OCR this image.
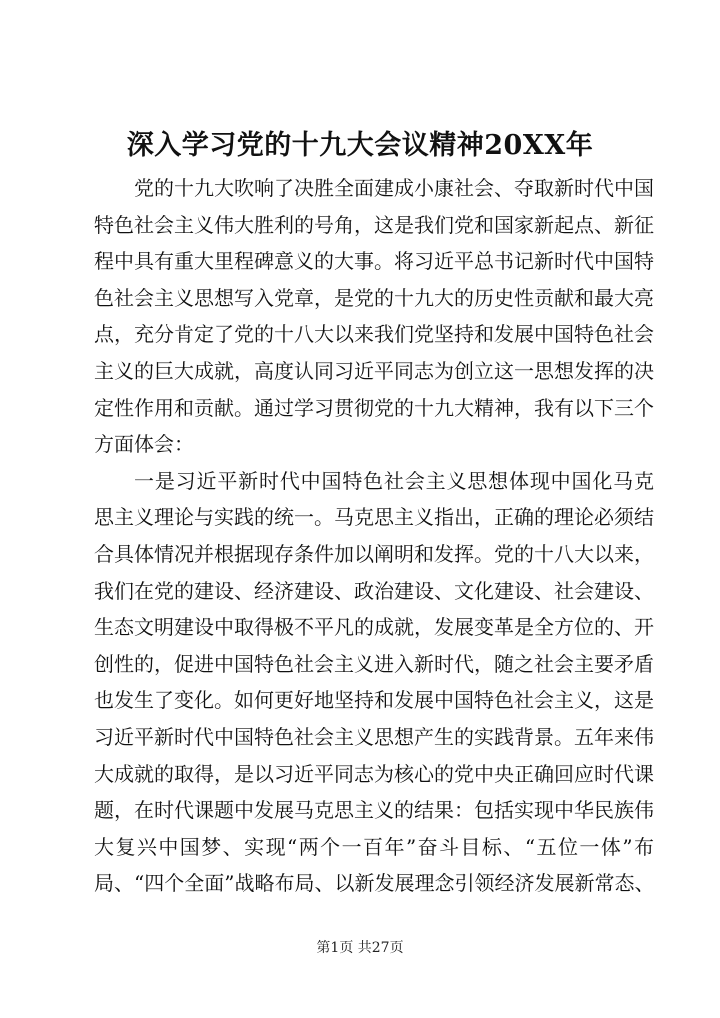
深入学习党的十九大会议精神20XX年
党的十九大吹响了决胜全面建成小康社会、夺取新时代中国
特色社会主义伟大胜利的号角，这是我们党和国家新起点、新征
程中具有重大里程碑意义的大事。将习近平总书记新时代中国特
色社会主义思想写入党章，是党的十九大的历史性贡献和最大亮
点，充分肯定了党的十八大以来我们党坚持和发展中国特色社会
主义的巨大成就，高度认同习近平同志为创立这一思想发挥的决
定性作用和贡献。通过学习贯彻党的十九大精神，我有以下三个
方面体会：
一是习近平新时代中国特色社会主义思想体现中国化马克
思主义理论与实践的统一。马克思主义指出，正确的理论必须结
合具体情况并根据现存条件加以阐明和发挥。党的十八大以来，
我们在党的建设、经济建设、政治建设、文化建设、社会建设、
生态文明建设中取得极不平凡的成就，发展变革是全方位的、开
创性的，促进中国特色社会主义进入新时代，随之社会主要矛盾
也发生了变化。如何更好地坚持和发展中国特色社会主义，这是
习近平新时代中国特色社会主义思想产生的实践背景。五年来伟
大成就的取得，是以习近平同志为核心的党中央正确回应时代课
题，在时代课题中发展马克思主义的结果：包括实现中华民族伟
大复兴中国梦、实现“两个一百年”奋斗目标、“五位一体”布
局、“四个全面”战略布局、以新发展理念引领经济发展新常态、
第1页 共27页
